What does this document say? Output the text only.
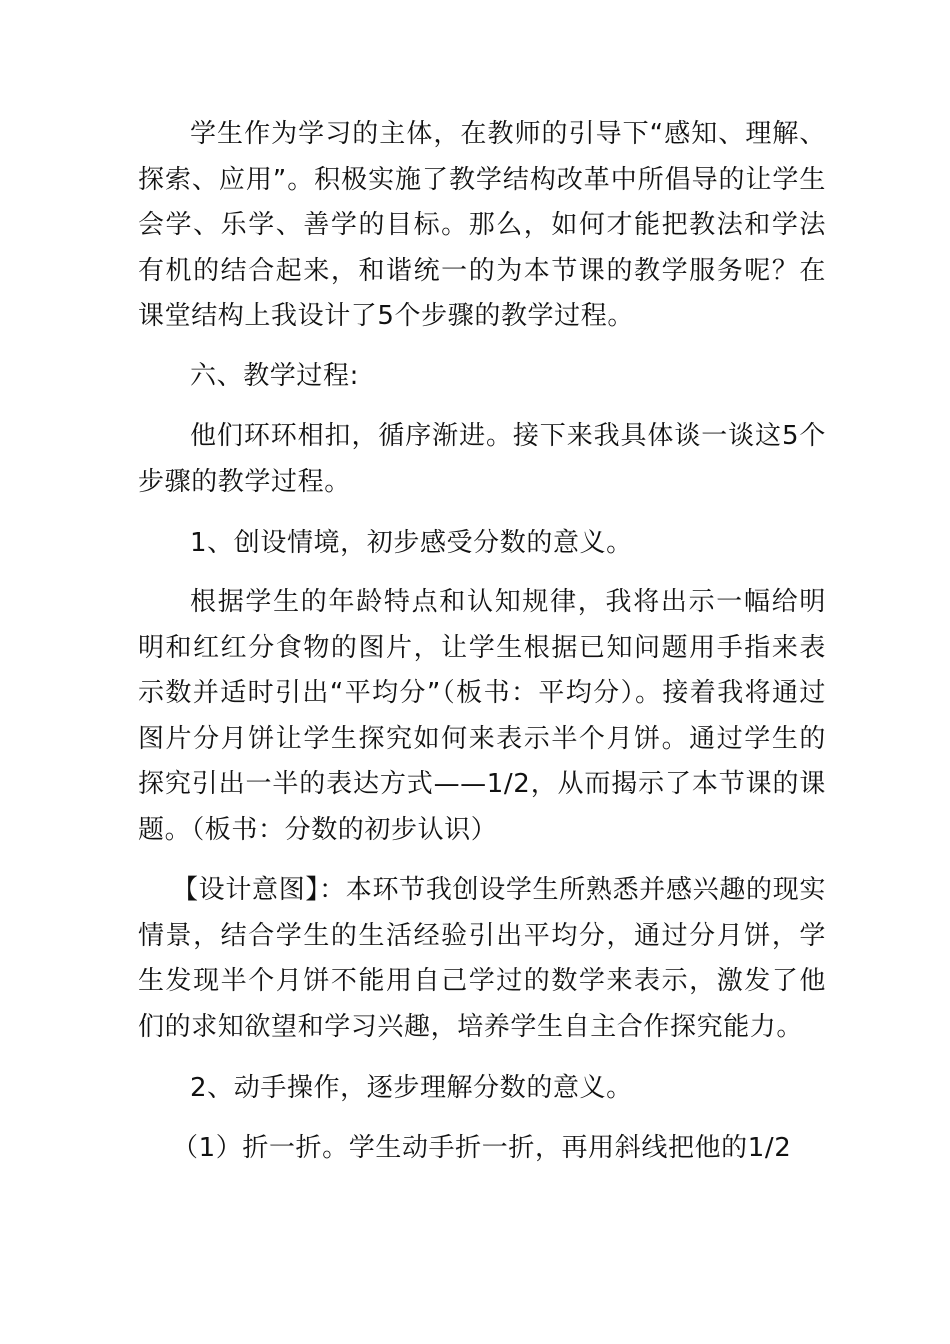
学生作为学习的主体，在教师的引导下“感知、理解、探索、应用”。积极实施了教学结构改革中所倡导的让学生会学、乐学、善学的目标。那么，如何才能把教法和学法有机的结合起来，和谐统一的为本节课的教学服务呢？在课堂结构上我设计了5个步骤的教学过程。

六、教学过程:

他们环环相扣，循序渐进。接下来我具体谈一谈这5个步骤的教学过程。

1、创设情境，初步感受分数的意义。

根据学生的年龄特点和认知规律，我将出示一幅给明明和红红分食物的图片，让学生根据已知问题用手指来表示数并适时引出“平均分”（板书：平均分）。接着我将通过图片分月饼让学生探究如何来表示半个月饼。通过学生的探究引出一半的表达方式——1/2，从而揭示了本节课的课题。（板书：分数的初步认识）

【设计意图】：本环节我创设学生所熟悉并感兴趣的现实情景，结合学生的生活经验引出平均分，通过分月饼，学生发现半个月饼不能用自己学过的数学来表示，激发了他们的求知欲望和学习兴趣，培养学生自主合作探究能力。

2、动手操作，逐步理解分数的意义。

（1）折一折。学生动手折一折，再用斜线把他的1/2
